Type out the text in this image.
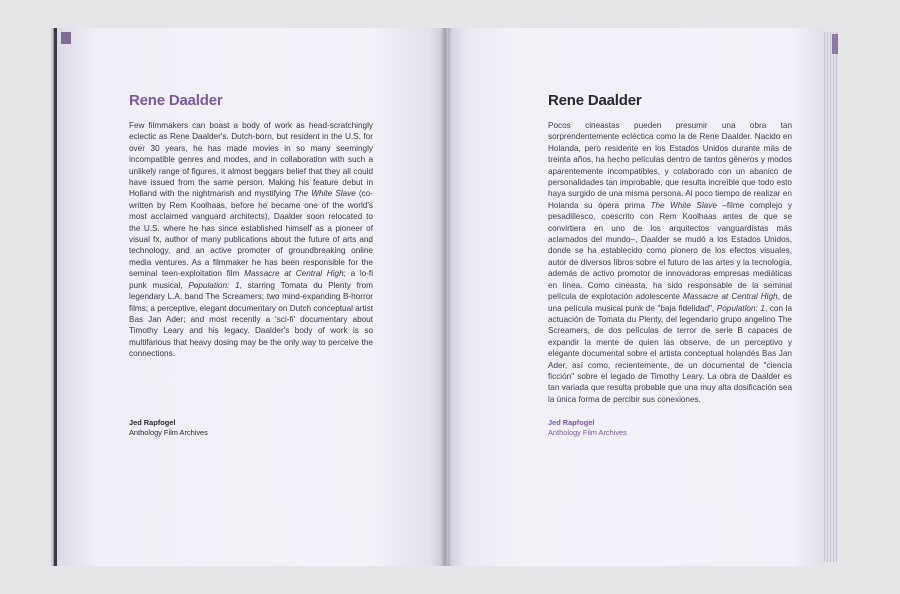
Rene Daalder

Few filmmakers can boast a body of work as head-scratchingly eclectic as Rene Daalder's. Dutch-born, but resident in the U.S. for over 30 years, he has made movies in so many seemingly incompatible genres and modes, and in collaboration with such a unlikely range of figures, it almost beggars belief that they all could have issued from the same person. Making his feature debut in Holland with the nightmarish and mystifying The White Slave (co-written by Rem Koolhaas, before he became one of the world's most acclaimed vanguard architects), Daalder soon relocated to the U.S. where he has since established himself as a pioneer of visual fx, author of many publications about the future of arts and technology, and an active promoter of groundbreaking online media ventures. As a filmmaker he has been responsible for the seminal teen-exploitation film Massacre at Central High; a lo-fi punk musical, Population: 1, starring Tomata du Plenty from legendary L.A. band The Screamers; two mind-expanding B-horror films; a perceptive, elegant documentary on Dutch conceptual artist Bas Jan Ader; and most recently a 'sci-fi' documentary about Timothy Leary and his legacy. Daalder's body of work is so multifarious that heavy dosing may be the only way to perceive the connections.

Jed Rapfogel
Anthology Film Archives
Rene Daalder

Pocos cineastas pueden presumir una obra tan sorprendentemente ecléctica como la de Rene Daalder. Nacido en Holanda, pero residente en los Estados Unidos durante más de treinta años, ha hecho películas dentro de tantos géneros y modos aparentemente incompatibles, y colaborado con un abanico de personalidades tan improbable, que resulta increíble que todo esto haya surgido de una misma persona. Al poco tiempo de realizar en Holanda su ópera prima The White Slave –filme complejo y pesadillesco, coescrito con Rem Koolhaas antes de que se convirtiera en uno de los arquitectos vanguardistas más aclamados del mundo–, Daalder se mudó a los Estados Unidos, donde se ha establecido como pionero de los efectos visuales, autor de diversos libros sobre el futuro de las artes y la tecnología, además de activo promotor de innovadoras empresas mediáticas en línea. Como cineasta, ha sido responsable de la seminal película de explotación adolescente Massacre at Central High, de una película musical punk de "baja fidelidad", Population: 1, con la actuación de Tomata du Plenty, del legendario grupo angelino The Screamers, de dos películas de terror de serie B capaces de expandir la mente de quien las observe, de un perceptivo y elegante documental sobre el artista conceptual holandés Bas Jan Ader, así como, recientemente, de un documental de "ciencia ficción" sobre el legado de Timothy Leary. La obra de Daalder es tan variada que resulta probable que una muy alta dosificación sea la única forma de percibir sus conexiones.

Jed Rapfogel
Anthology Film Archives
